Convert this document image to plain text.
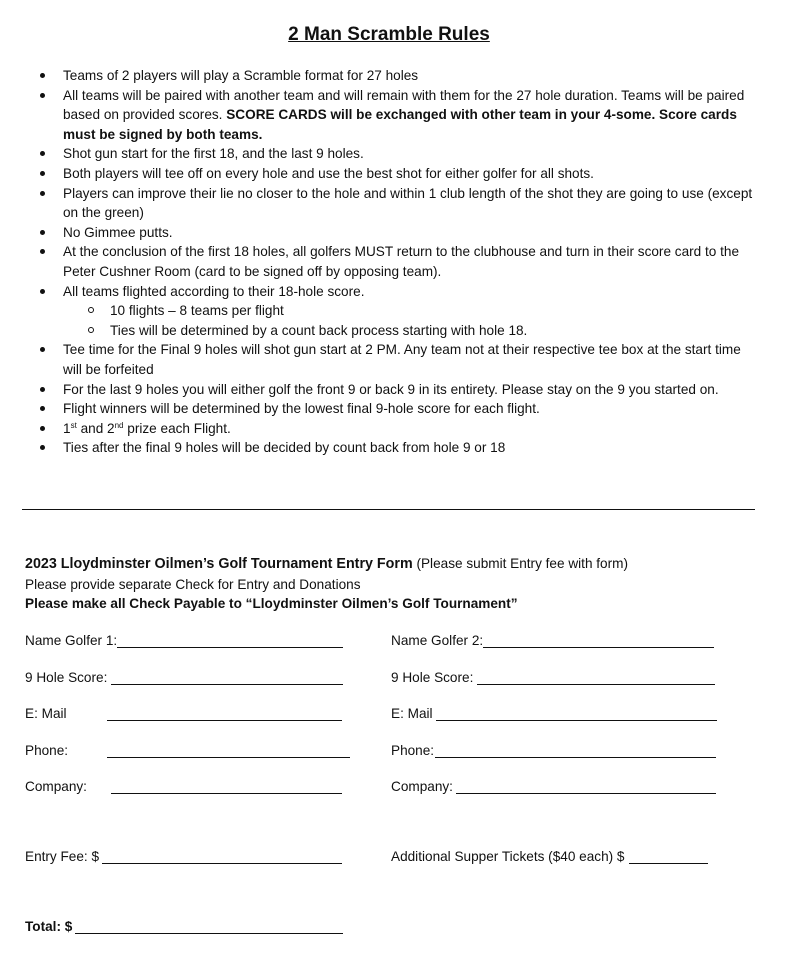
2 Man Scramble Rules
Teams of 2 players will play a Scramble format for 27 holes
All teams will be paired with another team and will remain with them for the 27 hole duration. Teams will be paired based on provided scores. SCORE CARDS will be exchanged with other team in your 4-some. Score cards must be signed by both teams.
Shot gun start for the first 18, and the last 9 holes.
Both players will tee off on every hole and use the best shot for either golfer for all shots.
Players can improve their lie no closer to the hole and within 1 club length of the shot they are going to use (except on the green)
No Gimmee putts.
At the conclusion of the first 18 holes, all golfers MUST return to the clubhouse and turn in their score card to the Peter Cushner Room (card to be signed off by opposing team).
All teams flighted according to their 18-hole score.
10 flights – 8 teams per flight
Ties will be determined by a count back process starting with hole 18.
Tee time for the Final 9 holes will shot gun start at 2 PM. Any team not at their respective tee box at the start time will be forfeited
For the last 9 holes you will either golf the front 9 or back 9 in its entirety. Please stay on the 9 you started on.
Flight winners will be determined by the lowest final 9-hole score for each flight.
1st and 2nd prize each Flight.
Ties after the final 9 holes will be decided by count back from hole 9 or 18
2023 Lloydminster Oilmen’s Golf Tournament Entry Form (Please submit Entry fee with form)
Please provide separate Check for Entry and Donations
Please make all Check Payable to “Lloydminster Oilmen’s Golf Tournament”
Name Golfer 1:
9 Hole Score:
E: Mail
Phone:
Company:
Entry Fee: $
Total: $
Name Golfer 2:
9 Hole Score:
E: Mail
Phone:
Company:
Additional Supper Tickets ($40 each) $
